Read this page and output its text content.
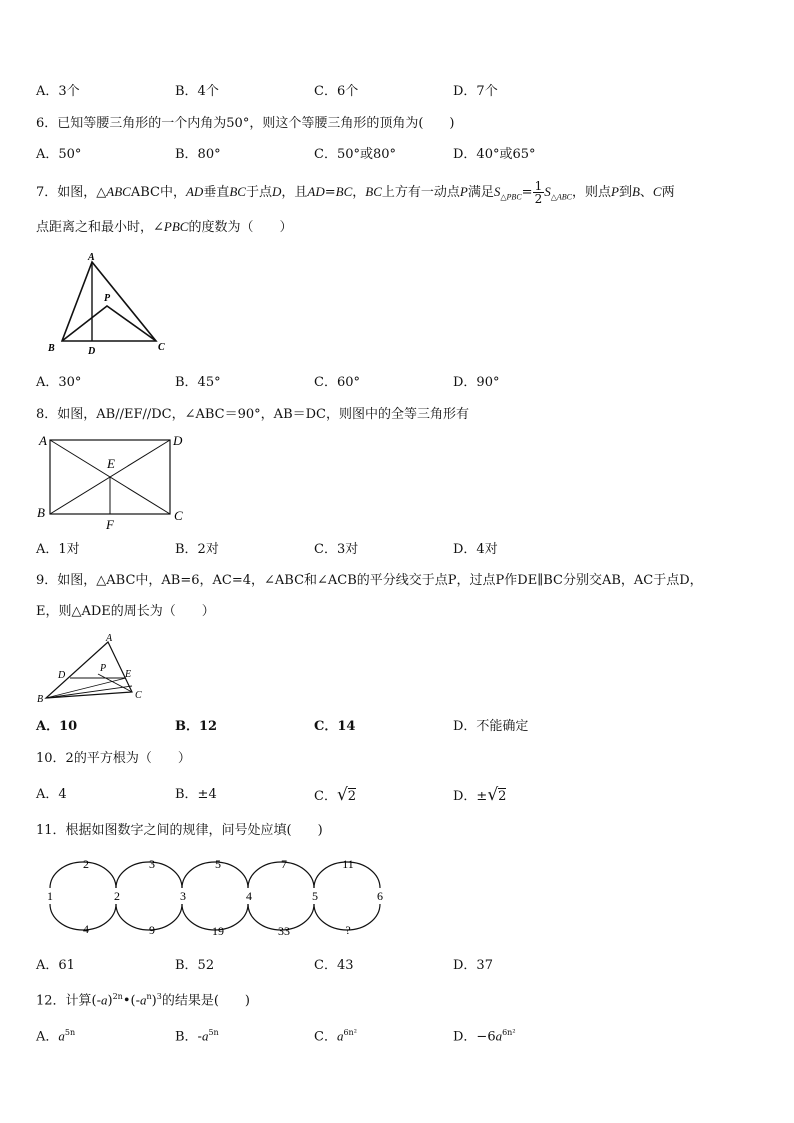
A．3个	B．4个	C．6个	D．7个
6．已知等腰三角形的一个内角为50°，则这个等腰三角形的顶角为(　　)
A．50°	B．80°	C．50°或80°	D．40°或65°
7．如图，△ABCABC中，AD垂直BC于点D，且AD=BC，BC上方有一动点P满足$S_{\triangle PBC}= \frac{1}{2} S_{\triangle ABC}$，则点P到B、C两
点距离之和最小时，∠PBC的度数为（　　）
A
B	C
D
P
A．30°	B．45°	C．60°	D．90°
8．如图，AB//EF//DC，∠ABC＝90°，AB＝DC，则图中的全等三角形有
A	D
B	C
E
F
A．1对	B．2对	C．3对	D．4对
9．如图，△ABC中，AB=6，AC=4，∠ABC和∠ACB的平分线交于点P，过点P作DE∥BC分别交AB，AC于点D，
E，则△ADE的周长为（　　）
A
B	C
D	E
P
A．10	B．12	C．14	D．不能确定
10．2的平方根为（　　）
A．4	B．±4	C．√2	D．±√2
11．根据如图数字之间的规律，问号处应填(　　)
1	2	3	4	5	6
2	3	5	7	11
4	9	19	33	?
A．61	B．52	C．43	D．37
12．计算$(-a)^{2n}•(-a^n)^3$的结果是(　　)
A．$a^{5n}$	B．$-a^{5n}$	C．$a^{6n^2}$	D．$-6a^{6n^2}$
